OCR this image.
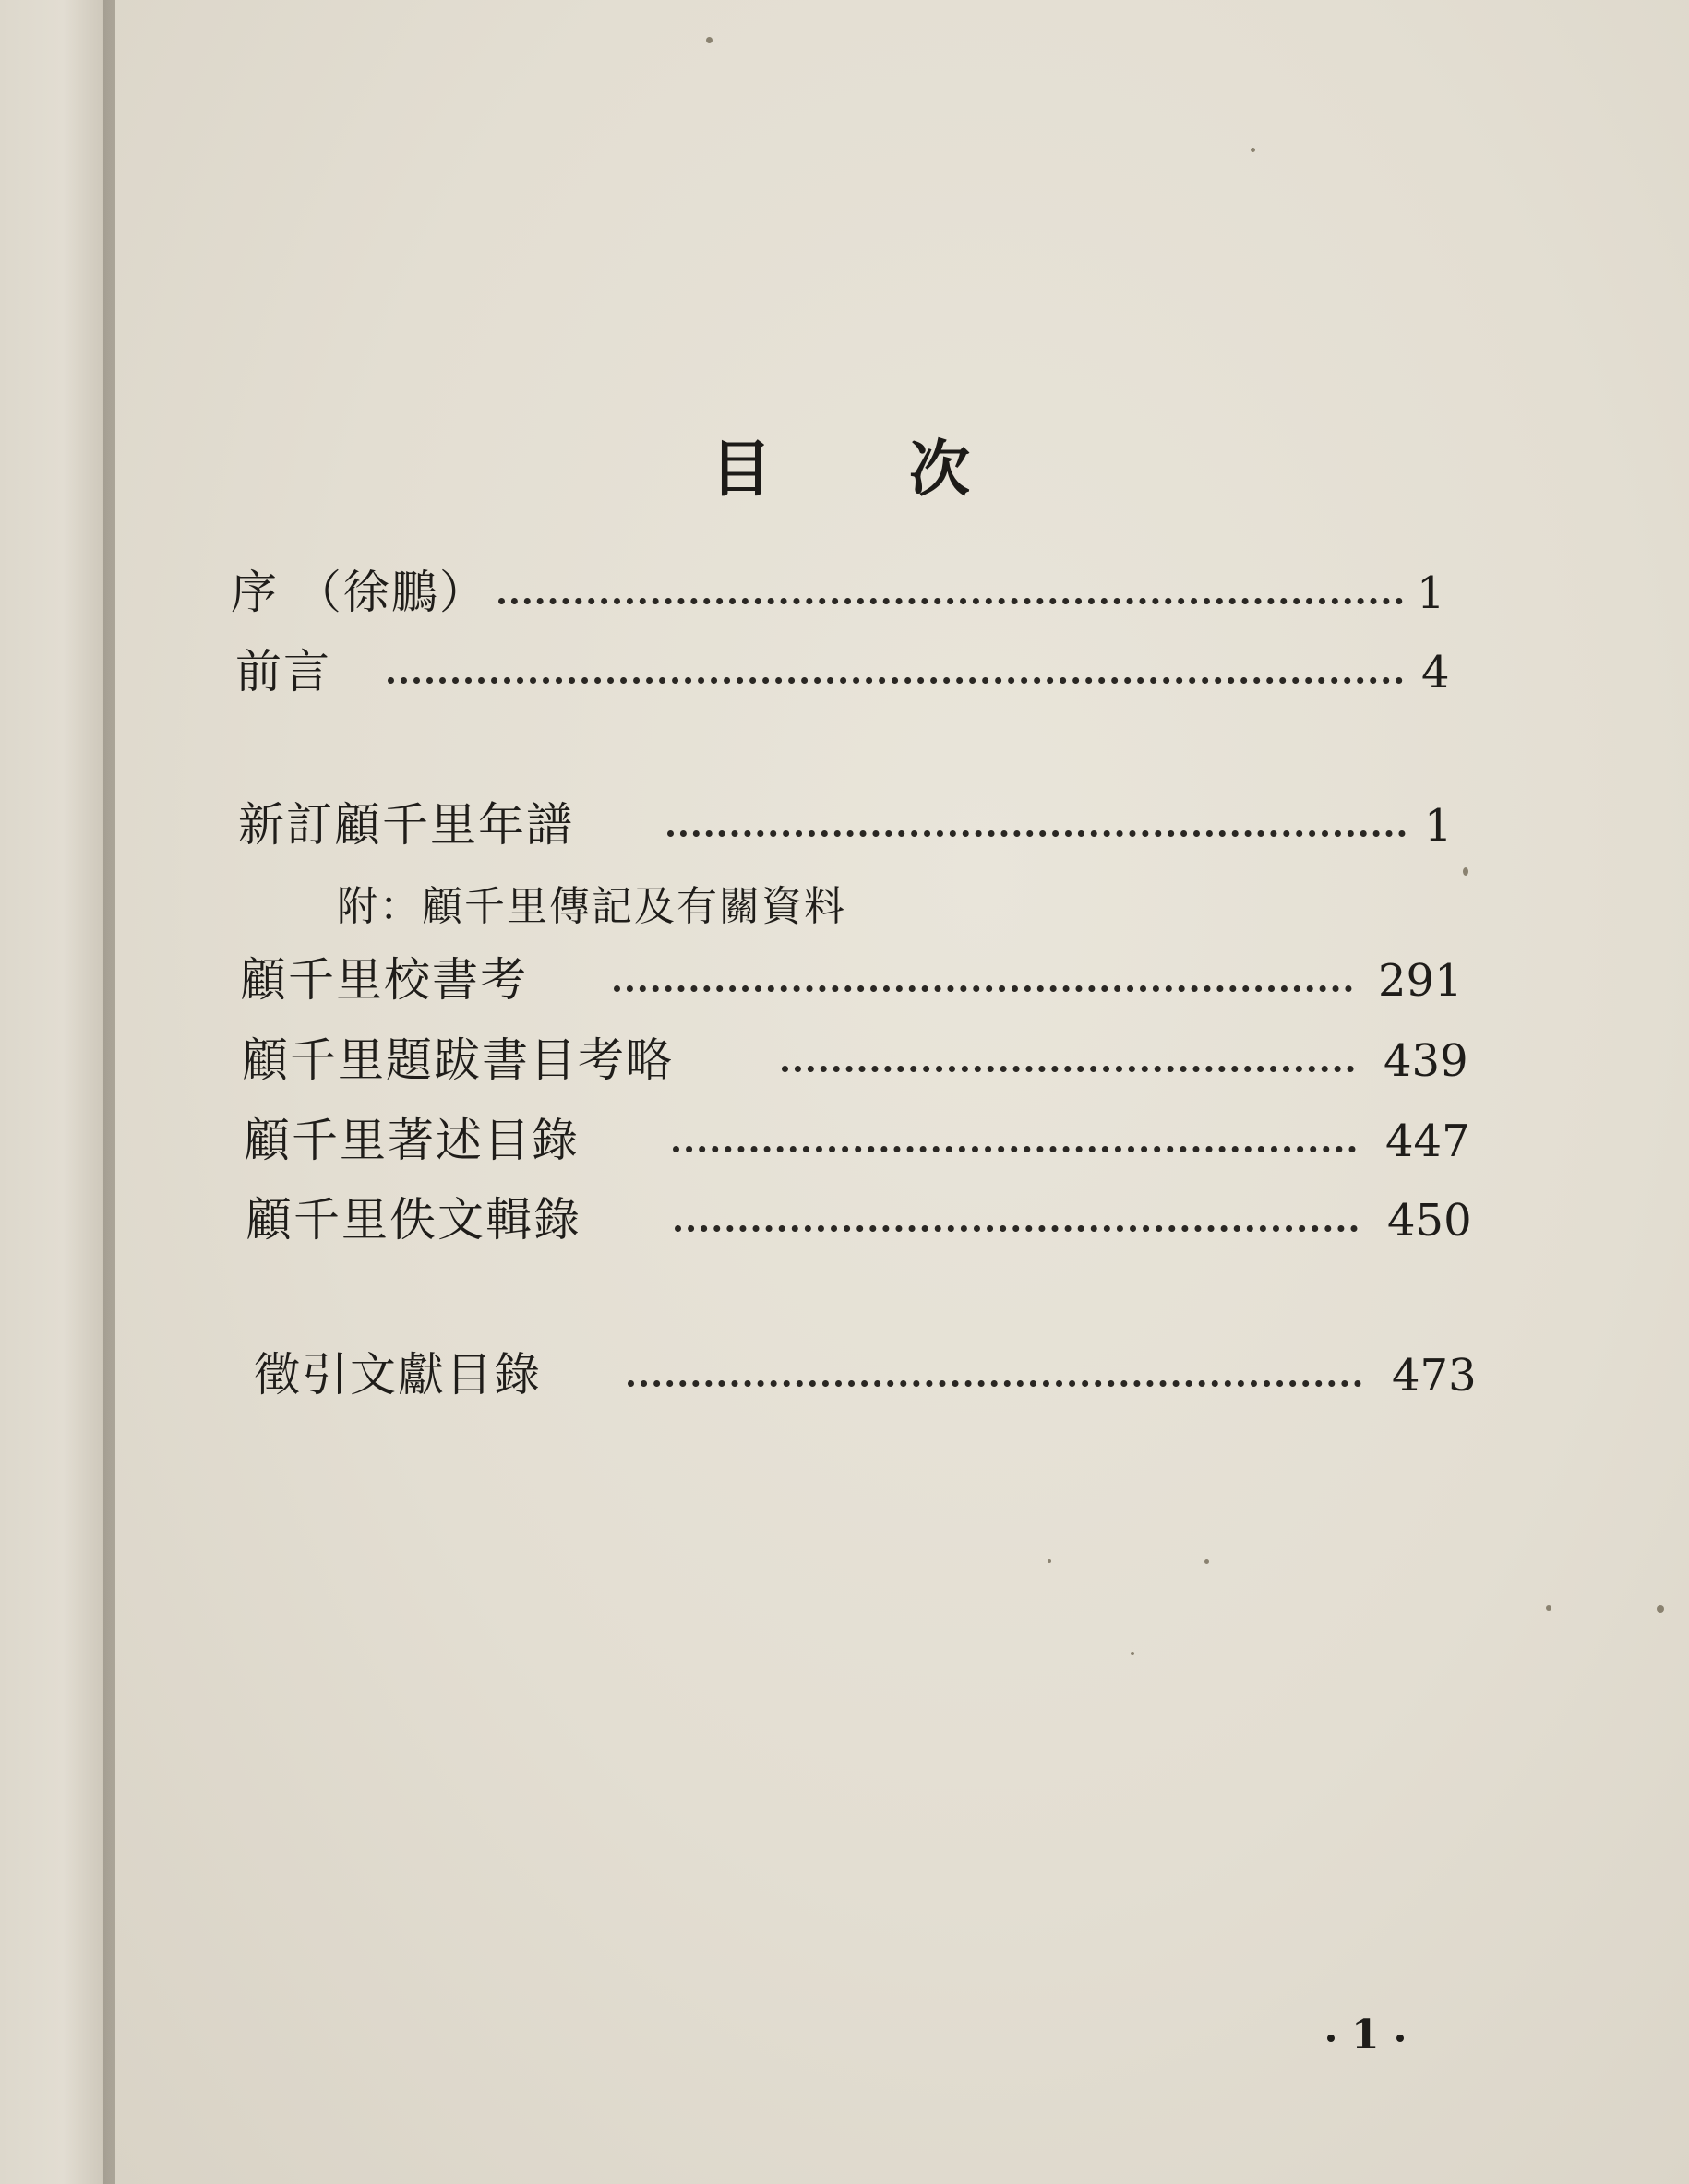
目 次
序 （徐鵬）	1
前言	4
新訂顧千里年譜	1
附：顧千里傳記及有關資料
顧千里校書考	291
顧千里題跋書目考略	439
顧千里著述目錄	447
顧千里佚文輯錄	450
徵引文獻目錄	473
1
